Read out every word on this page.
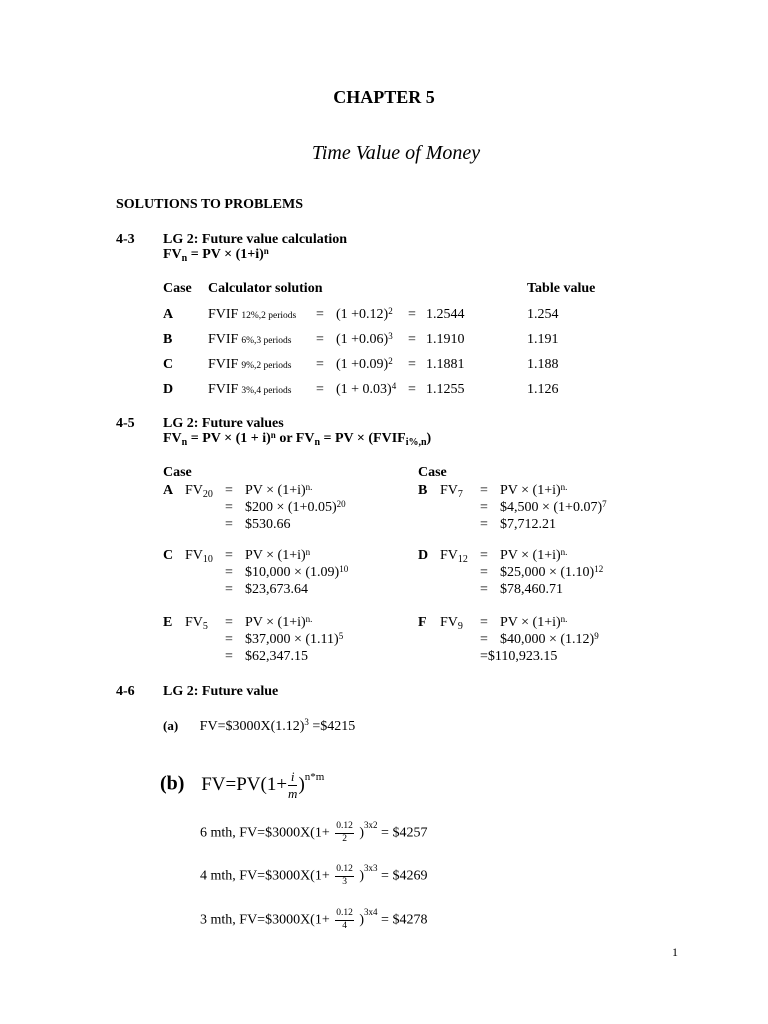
CHAPTER 5
Time Value of Money
SOLUTIONS TO PROBLEMS
4-3 LG 2: Future value calculation
$FV_n$ = PV × $(1+i)^n$
Case Calculator solution	Table value
A FVIF 12%,2 periods = $(1 +0.12)^2 = 1.2544$	1.254
B	FVIF 6%,3 periods = $(1 +0.06)^3 = 1.1910$	1.191
C FVIF 9%,2 periods = $(1 +0.09)^2 = 1.1881$	1.188
D FVIF 3%,4 periods = $(1 + 0.03)^4 = 1.1255$	1.126
4-5 LG 2: Future values
$FV_n$ = PV × $(1 + i)^n$ or $FV_n$ = PV × $(FVIF_{i\%,n})$
Case	Case
A $FV_{20}$ = PV × $(1+i)^{n.}$
= $200 × $(1+0.05)^{20}$
= $530.66
B $FV_7$ = PV × $(1+i)^{n.}$
= $4,500 × $(1+0.07)^7$
= $7,712.21
C $FV_{10}$ = PV × $(1+i)^n$
= $10,000 × $(1.09)^{10}$
= $23,673.64
D $FV_{12}$ = PV × $(1+i)^{n.}$
= $25,000 × $(1.10)^{12}$
= $78,460.71
E $FV_5$ = PV × $(1+i)^{n.}$
= $37,000 × $(1.11)^5$
= $62,347.15
F $FV_9$ = PV × $(1+i)^{n.}$
= $40,000 × $(1.12)^9$
=$110,923.15
4-6 LG 2: Future value
(a) $FV=\$3000X(1.12)^3$ =$4215
(b) $FV=PV(1+ \frac{i}{m} )^{n*m}$
6 mth, FV=$3000X(1+ $\frac{0.12}{2} )^{3x2}$ = $4257
4 mth, FV=$3000X(1+ $\frac{0.12}{3} )^{3x3}$ = $4269
3 mth, FV=$3000X(1+ $\frac{0.12}{4} )^{3x4}$ = $4278
1
